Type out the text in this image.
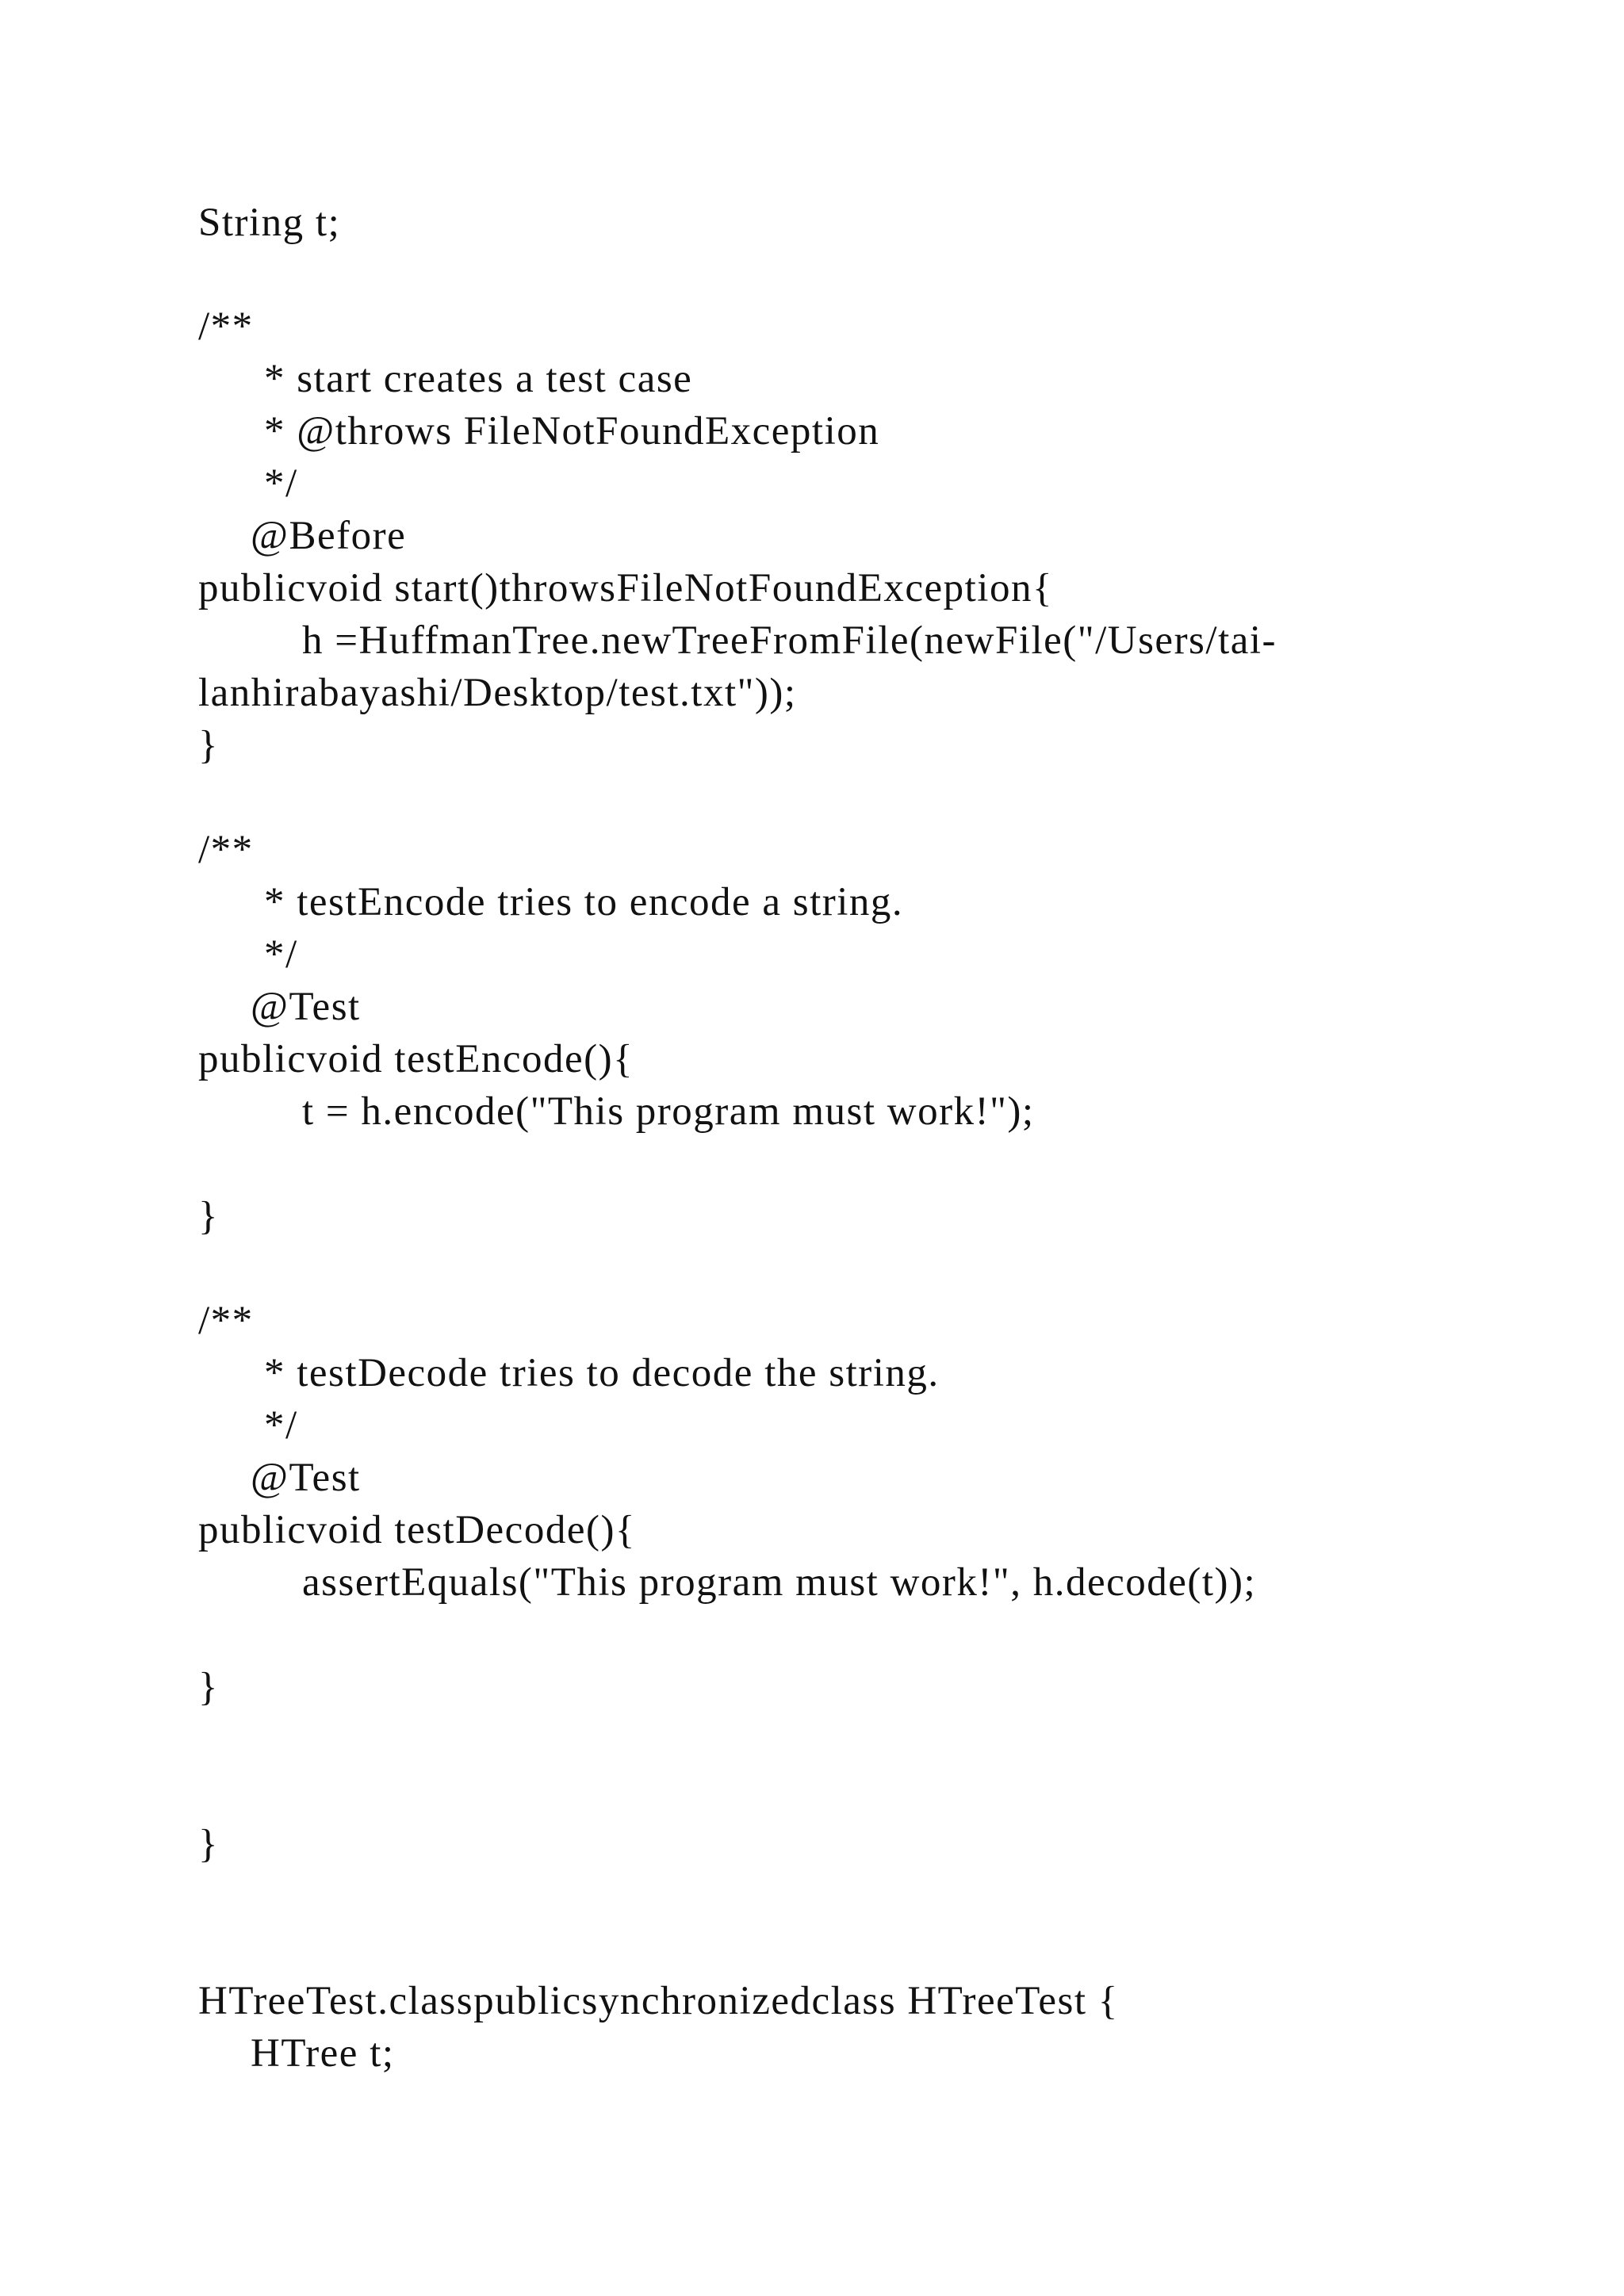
String t;
/**
* start creates a test case
* @throws FileNotFoundException
*/
@Before
publicvoid start()throwsFileNotFoundException{
h =HuffmanTree.newTreeFromFile(newFile("/Users/tai-
lanhirabayashi/Desktop/test.txt"));
}
/**
* testEncode tries to encode a string.
*/
@Test
publicvoid testEncode(){
t = h.encode("This program must work!");
}
/**
* testDecode tries to decode the string.
*/
@Test
publicvoid testDecode(){
assertEquals("This program must work!", h.decode(t));
}
}
HTreeTest.classpublicsynchronizedclass HTreeTest {
HTree t;
